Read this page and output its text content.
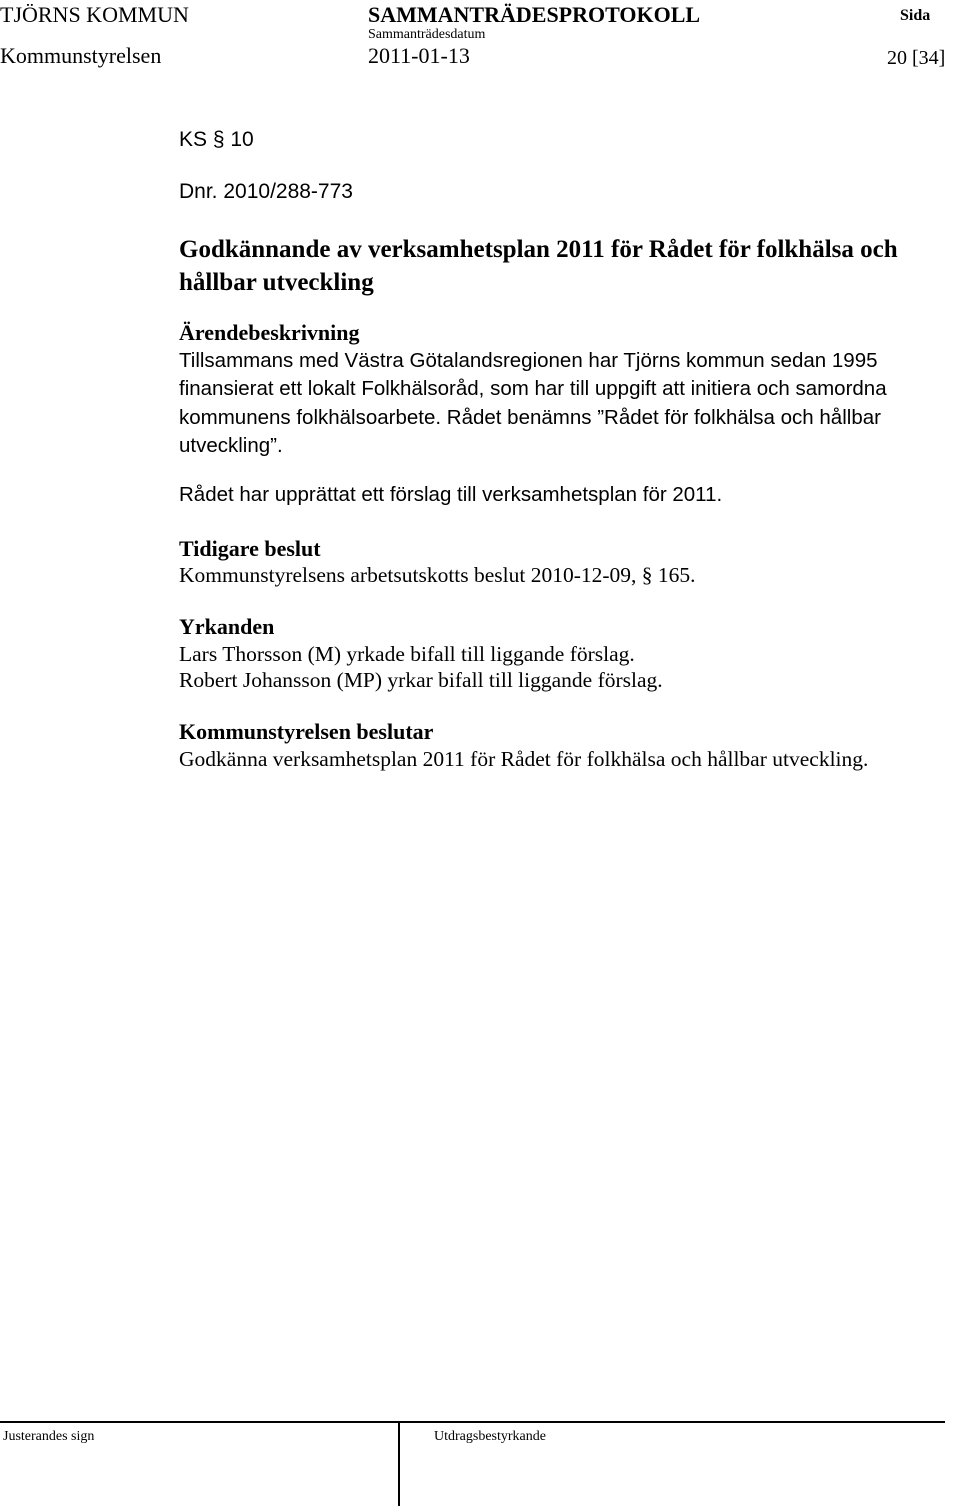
TJÖRNS KOMMUN	SAMMANTRÄDESPROTOKOLL	Sida
Sammanträdesdatum
Kommunstyrelsen	2011-01-13	20 [34]
KS § 10
Dnr. 2010/288-773
Godkännande av verksamhetsplan 2011 för Rådet för folkhälsa och hållbar utveckling
Ärendebeskrivning
Tillsammans med Västra Götalandsregionen har Tjörns kommun sedan 1995 finansierat ett lokalt Folkhälsoråd, som har till uppgift att initiera och samordna kommunens folkhälsoarbete. Rådet benämns ”Rådet för folkhälsa och hållbar utveckling”.
Rådet har upprättat ett förslag till verksamhetsplan för 2011.
Tidigare beslut
Kommunstyrelsens arbetsutskotts beslut 2010-12-09, § 165.
Yrkanden
Lars Thorsson (M) yrkade bifall till liggande förslag.
Robert Johansson (MP) yrkar bifall till liggande förslag.
Kommunstyrelsen beslutar
Godkänna verksamhetsplan 2011 för Rådet för folkhälsa och hållbar utveckling.
Justerandes sign	Utdragsbestyrkande
